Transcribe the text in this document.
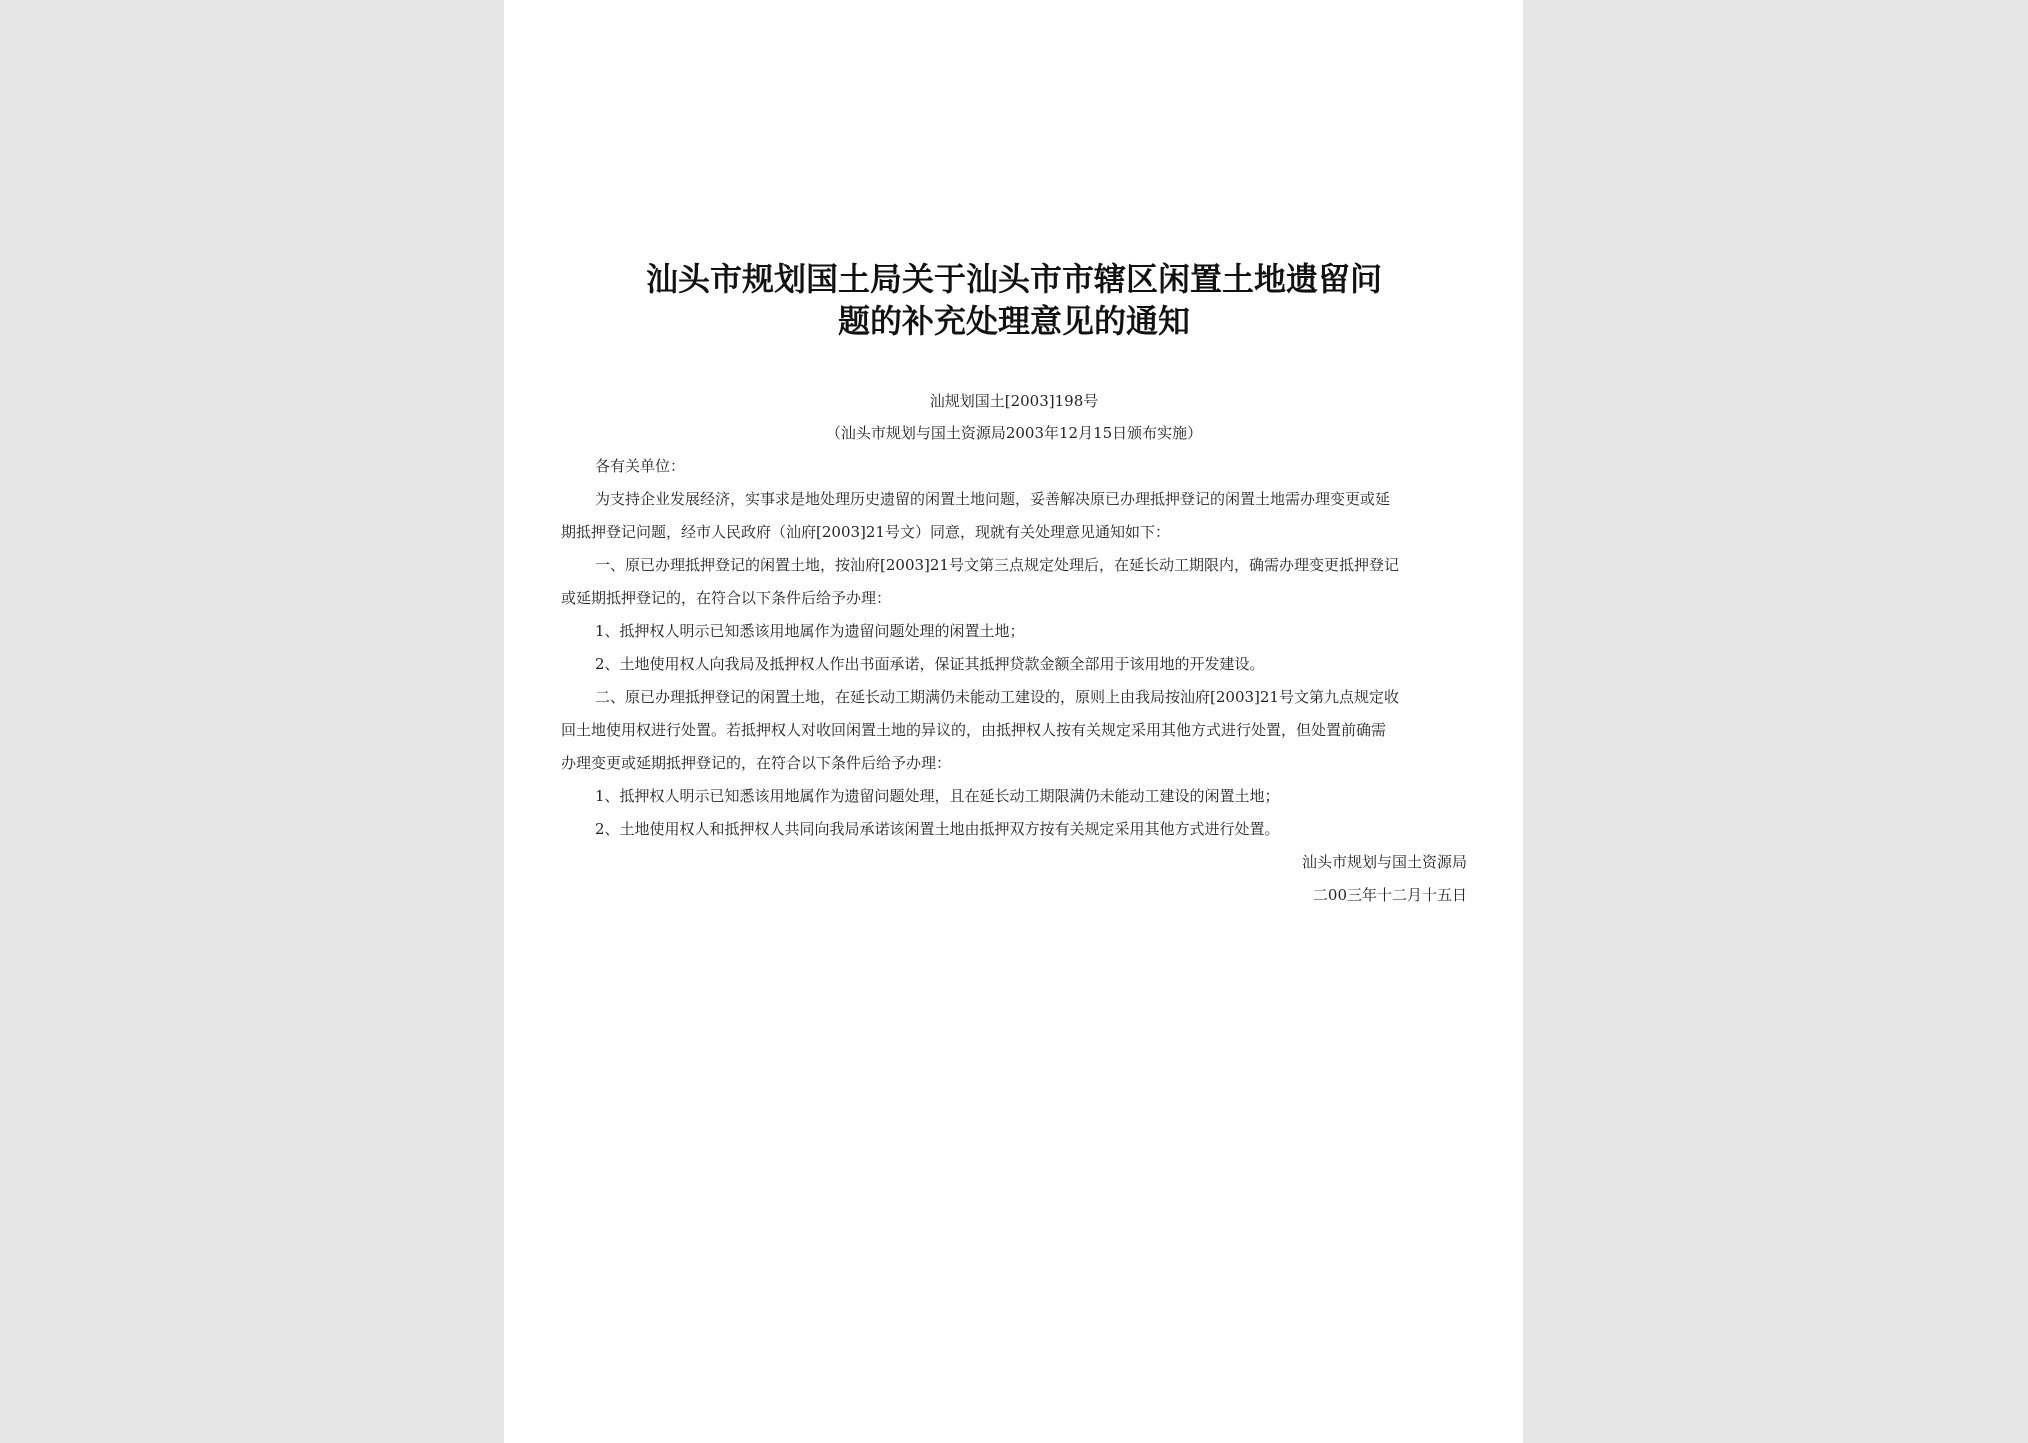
汕头市规划国土局关于汕头市市辖区闲置土地遗留问
题的补充处理意见的通知
汕规划国土[2003]198号
（汕头市规划与国土资源局2003年12月15日颁布实施）
各有关单位：
为支持企业发展经济，实事求是地处理历史遗留的闲置土地问题，妥善解决原已办理抵押登记的闲置土地需办理变更或延
期抵押登记问题，经市人民政府（汕府[2003]21号文）同意，现就有关处理意见通知如下：
一、原已办理抵押登记的闲置土地，按汕府[2003]21号文第三点规定处理后，在延长动工期限内，确需办理变更抵押登记
或延期抵押登记的，在符合以下条件后给予办理：
1、抵押权人明示已知悉该用地属作为遗留问题处理的闲置土地；
2、土地使用权人向我局及抵押权人作出书面承诺，保证其抵押贷款金额全部用于该用地的开发建设。
二、原已办理抵押登记的闲置土地，在延长动工期满仍未能动工建设的，原则上由我局按汕府[2003]21号文第九点规定收
回土地使用权进行处置。若抵押权人对收回闲置土地的异议的，由抵押权人按有关规定采用其他方式进行处置，但处置前确需
办理变更或延期抵押登记的，在符合以下条件后给予办理：
1、抵押权人明示已知悉该用地属作为遗留问题处理，且在延长动工期限满仍未能动工建设的闲置土地；
2、土地使用权人和抵押权人共同向我局承诺该闲置土地由抵押双方按有关规定采用其他方式进行处置。
汕头市规划与国土资源局
二00三年十二月十五日
